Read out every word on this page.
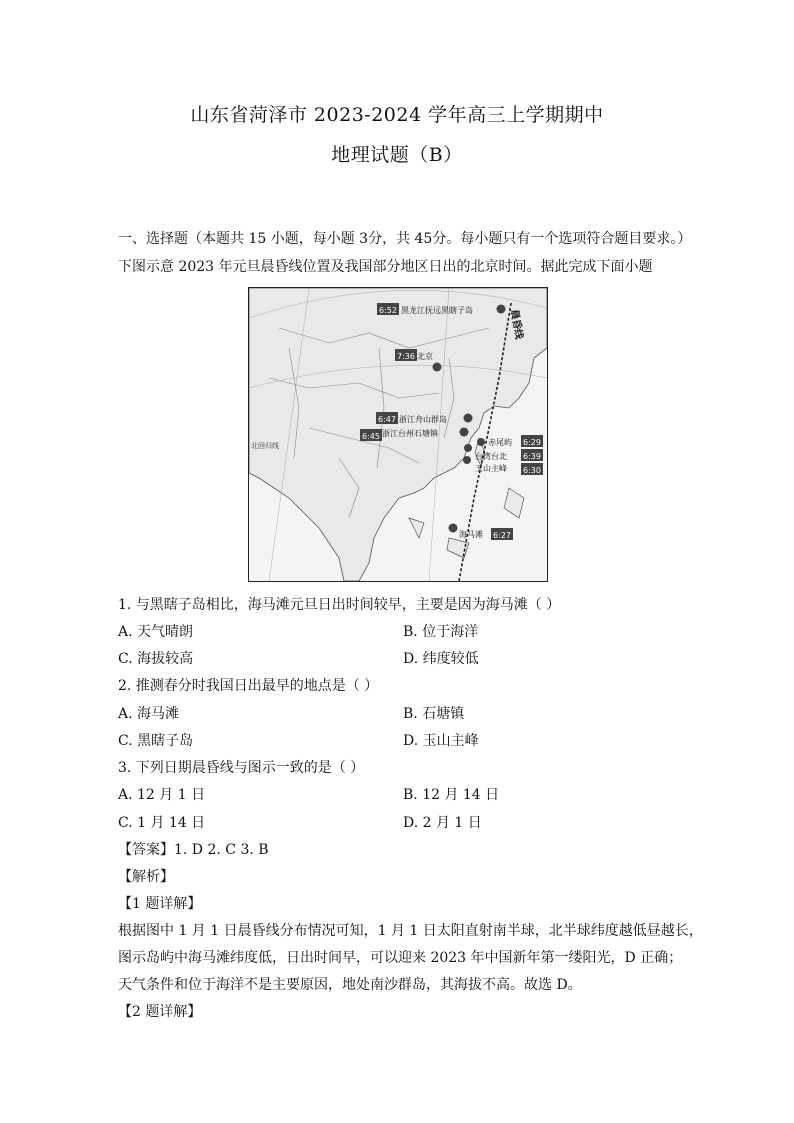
山东省菏泽市 2023-2024 学年高三上学期期中
地理试题（B）
一、选择题（本题共 15 小题，每小题 3分，共 45分。每小题只有一个选项符合题目要求。）
下图示意 2023 年元旦晨昏线位置及我国部分地区日出的北京时间。据此完成下面小题
晨昏线
北回归线
6:52 黑龙江抚远黑瞎子岛
7:36 北京
6:47 浙江舟山群岛
6:45 浙江台州石塘镇
赤尾屿 6:29
台湾台北 6:39
玉山主峰 6:30
海马滩 6:27
1. 与黑瞎子岛相比，海马滩元旦日出时间较早，主要是因为海马滩（ ）
A. 天气晴朗	B. 位于海洋
C. 海拔较高	D. 纬度较低
2. 推测春分时我国日出最早的地点是（ ）
A. 海马滩	B. 石塘镇
C. 黑瞎子岛	D. 玉山主峰
3. 下列日期晨昏线与图示一致的是（ ）
A. 12 月 1 日	B. 12 月 14 日
C. 1 月 14 日	D. 2 月 1 日
【答案】1. D 2. C 3. B
【解析】
【1 题详解】
根据图中 1 月 1 日晨昏线分布情况可知，1 月 1 日太阳直射南半球，北半球纬度越低昼越长，
图示岛屿中海马滩纬度低，日出时间早，可以迎来 2023 年中国新年第一缕阳光，D 正确；
天气条件和位于海洋不是主要原因，地处南沙群岛，其海拔不高。故选 D。
【2 题详解】
